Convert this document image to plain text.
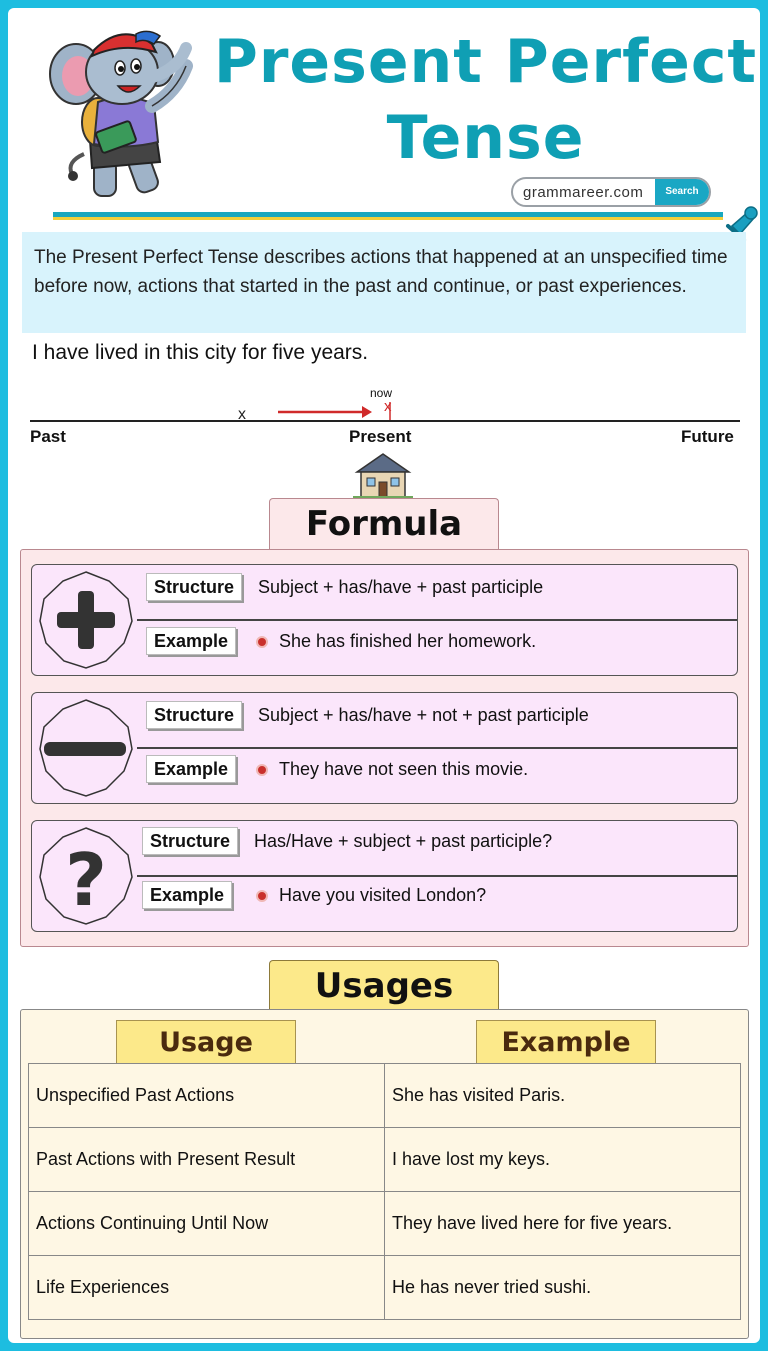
Present Perfect
Tense
grammareer.com	Search
The Present Perfect Tense describes actions that happened at an unspecified time before now, actions that started in the past and continue, or past experiences.
I have lived in this city for five years.
now
x	x
Past	Present	Future
Formula
Structure	Subject + has/have + past participle
Example	She has finished her homework.
Structure	Subject + has/have + not + past participle
Example	They have not seen this movie.
?	Structure	Has/Have + subject + past participle?
Example	Have you visited London?
Usages
Usage	Example
Unspecified Past Actions	She has visited Paris.
Past Actions with Present Result	I have lost my keys.
Actions Continuing Until Now	They have lived here for five years.
Life Experiences	He has never tried sushi.
